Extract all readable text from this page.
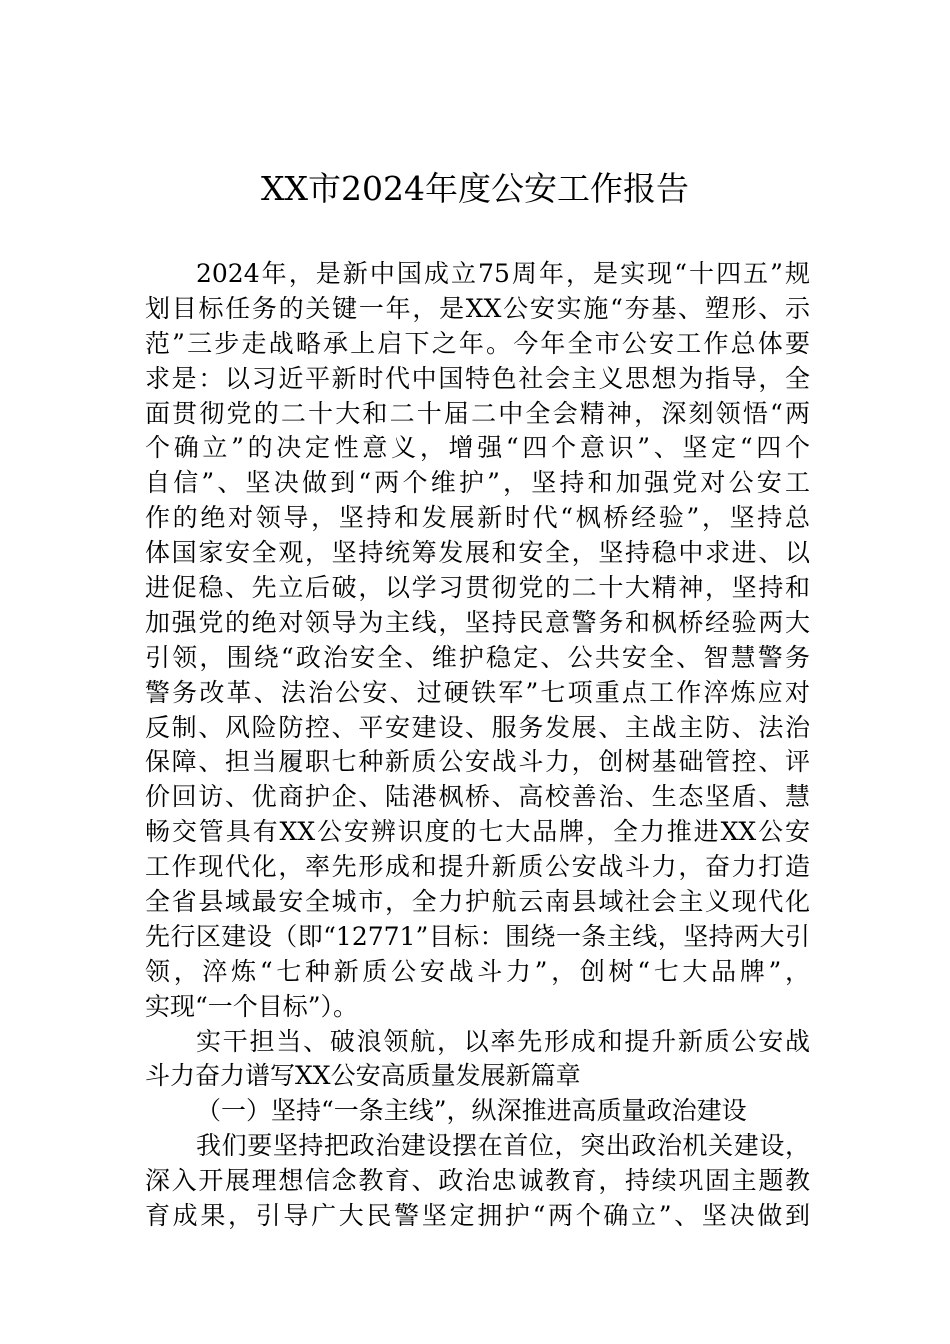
XX市2024年度公安工作报告
2024年，是新中国成立75周年，是实现“十四五”规
划目标任务的关键一年，是XX公安实施“夯基、塑形、示
范”三步走战略承上启下之年。今年全市公安工作总体要
求是：以习近平新时代中国特色社会主义思想为指导，全
面贯彻党的二十大和二十届二中全会精神，深刻领悟“两
个确立”的决定性意义，增强“四个意识”、坚定“四个
自信”、坚决做到“两个维护”，坚持和加强党对公安工
作的绝对领导，坚持和发展新时代“枫桥经验”，坚持总
体国家安全观，坚持统筹发展和安全，坚持稳中求进、以
进促稳、先立后破，以学习贯彻党的二十大精神，坚持和
加强党的绝对领导为主线，坚持民意警务和枫桥经验两大
引领，围绕“政治安全、维护稳定、公共安全、智慧警务
警务改革、法治公安、过硬铁军”七项重点工作淬炼应对
反制、风险防控、平安建设、服务发展、主战主防、法治
保障、担当履职七种新质公安战斗力，创树基础管控、评
价回访、优商护企、陆港枫桥、高校善治、生态坚盾、慧
畅交管具有XX公安辨识度的七大品牌，全力推进XX公安
工作现代化，率先形成和提升新质公安战斗力，奋力打造
全省县域最安全城市，全力护航云南县域社会主义现代化
先行区建设（即“12771”目标：围绕一条主线，坚持两大引
领，淬炼“七种新质公安战斗力”，创树“七大品牌”，
实现“一个目标”）。
实干担当、破浪领航，以率先形成和提升新质公安战
斗力奋力谱写XX公安高质量发展新篇章
（一）坚持“一条主线”，纵深推进高质量政治建设
我们要坚持把政治建设摆在首位，突出政治机关建设，
深入开展理想信念教育、政治忠诚教育，持续巩固主题教
育成果，引导广大民警坚定拥护“两个确立”、坚决做到
